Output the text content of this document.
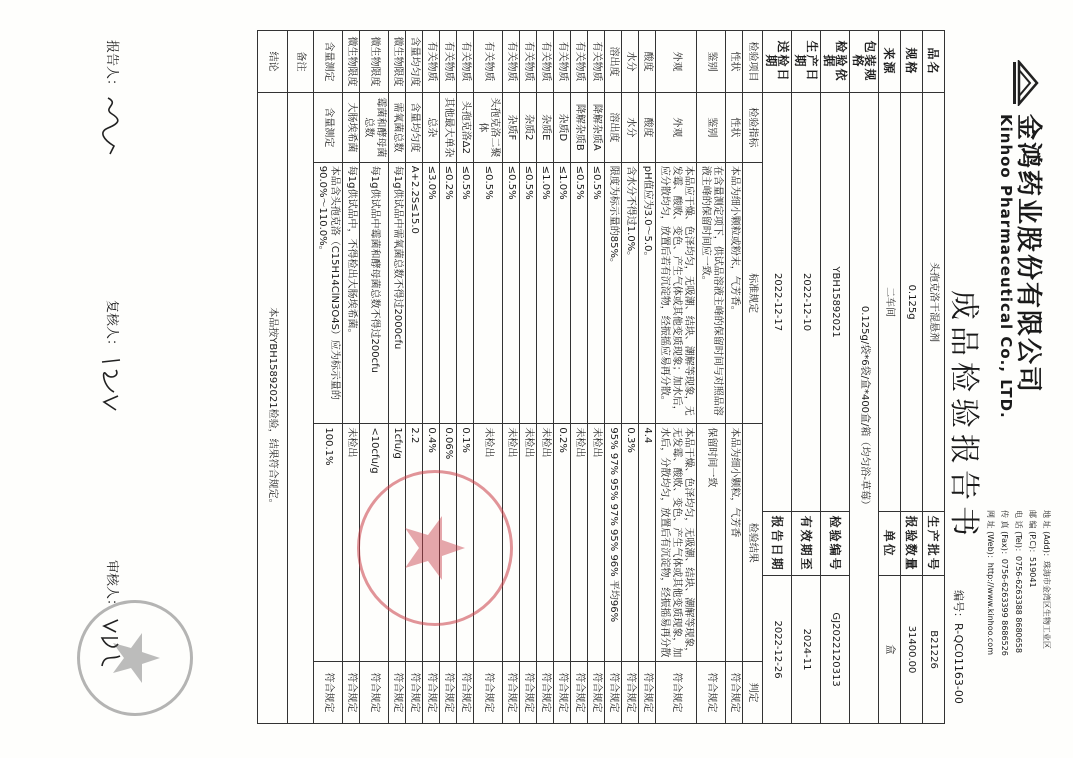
金鸿药业股份有限公司
Kinhoo Pharmaceutical Co., LTD.
成品检验报告书
地 址 (Add)：珠海市金湾区生物工业区
邮 编 (P.C)：519041
电 话 (Tel)：0756-6263388 8680658
传 真 (Fax)：0756-6263399 8686526
网 址 (Web)：http://www.kinhoo.com
编号：R-QC01163-00
品名	头孢克洛干混悬剂			生产批号	B21226	
规格	0.125g			报验数量	31400.00	
来源	二车间			单位	盒	
包装规格	0.125g/袋*6袋/盒*400盒/箱（均匀浴-草莓）					
检验依据	YBH15892021			检验编号	GJ2022120313	
生产日期	2022-12-10			有效期至	2024-11	
送检日期	2022-12-17			报告日期	2022-12-26	
检验项目	检验指标	标准规定	检验结果			判定
性状	性状	本品为细小颗粒或粉末，气芳香。	本品为细小颗粒，气芳香			符合规定
鉴别	鉴别	在含量测定项下，供试品溶液主峰的保留时间与对照品溶液主峰的保留时间应一致。	保留时间一致			符合规定
外观	外观	本品应干燥、色泽均匀，无吸潮、结块、潮解等现象，无发霉、酸败、变色、产生气体或其他变质现象；加水后，应分散均匀，放置后若有沉淀物，经振摇应易再分散。	本品干燥、色泽均匀，无吸潮、结块、潮解等现象，无发霉、酸败、变色、产生气体或其他变质现象，加水后，分散均匀，放置后有沉淀物，经振摇易再分散			符合规定
酸度	酸度	pH值应为3.0～5.0。	4.4			符合规定
水分	水分	含水分不得过1.0%。	0.3%			符合规定
溶出度	溶出度	限度为标示量的85%。	95% 97% 95% 97% 95% 96% 平均96%			符合规定
有关物质	降解杂质A	≤0.5%	未检出			符合规定
有关物质	降解杂质B	≤0.5%	未检出			符合规定
有关物质	杂质D	≤1.0%	0.2%			符合规定
有关物质	杂质E	≤1.0%	未检出			符合规定
有关物质	杂质2	≤0.5%	未检出			符合规定
有关物质	杂质F	≤0.5%	未检出			符合规定
有关物质	头孢克洛二聚体	≤0.5%	未检出			符合规定
有关物质	头孢克洛Δ2	≤0.5%	0.1%			符合规定
有关物质	其他最大单杂	≤0.2%	0.06%			符合规定
有关物质	总杂	≤3.0%	0.4%			符合规定
含量均匀度	含量均匀度	A+2.2S≤15.0	2.2			符合规定
微生物限度	需氧菌总数	每1g供试品中需氧菌总数不得过2000cfu	1cfu/g			符合规定
微生物限度	霉菌和酵母菌总数	每1g供试品中霉菌和酵母菌总数不得过200cfu	<10cfu/g			符合规定
微生物限度	大肠埃希菌	每1g供试品中，不得检出大肠埃希菌。	未检出			符合规定
含量测定	含量测定	本品含头孢克洛（C15H14ClN3O4S）应为标示量的90.0%～110.0%。	100.1%			符合规定
备注						
结论	本品按YBH15892021检验，结果符合规定。					
报告人：
复核人：
审核人：
